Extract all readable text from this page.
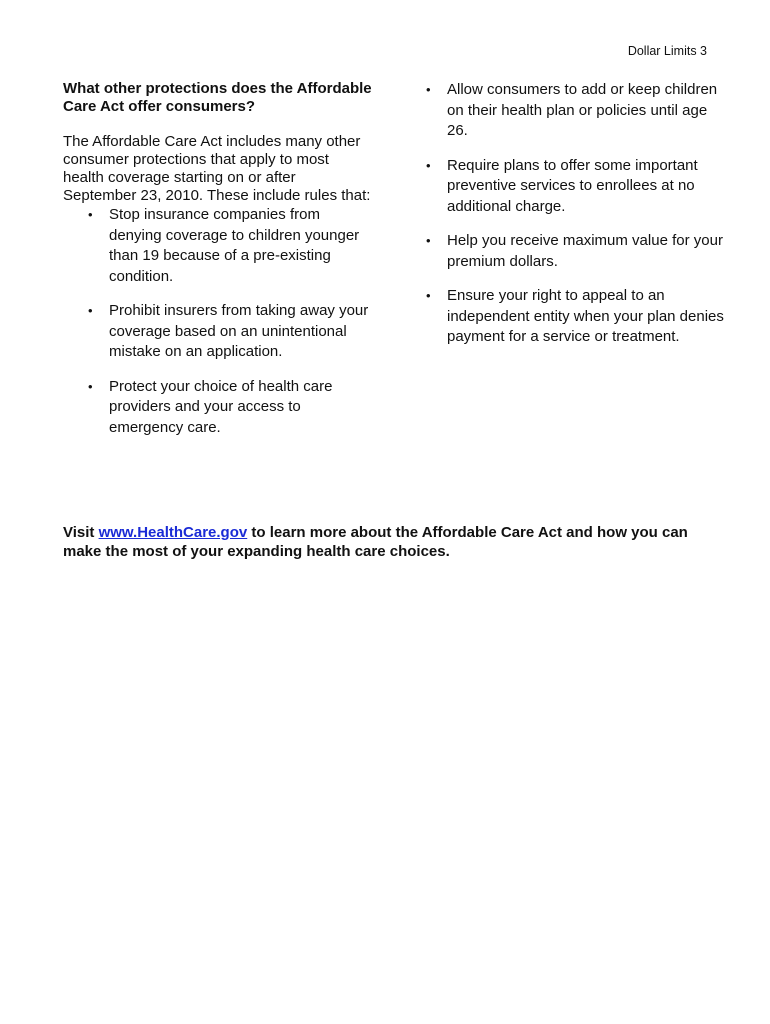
Dollar Limits 3

What other protections does the Affordable Care Act offer consumers?

The Affordable Care Act includes many other consumer protections that apply to most health coverage starting on or after September 23, 2010. These include rules that:

• Stop insurance companies from denying coverage to children younger than 19 because of a pre-existing condition.
• Prohibit insurers from taking away your coverage based on an unintentional mistake on an application.
• Protect your choice of health care providers and your access to emergency care.
• Allow consumers to add or keep children on their health plan or policies until age 26.
• Require plans to offer some important preventive services to enrollees at no additional charge.
• Help you receive maximum value for your premium dollars.
• Ensure your right to appeal to an independent entity when your plan denies payment for a service or treatment.

Visit www.HealthCare.gov to learn more about the Affordable Care Act and how you can make the most of your expanding health care choices.
